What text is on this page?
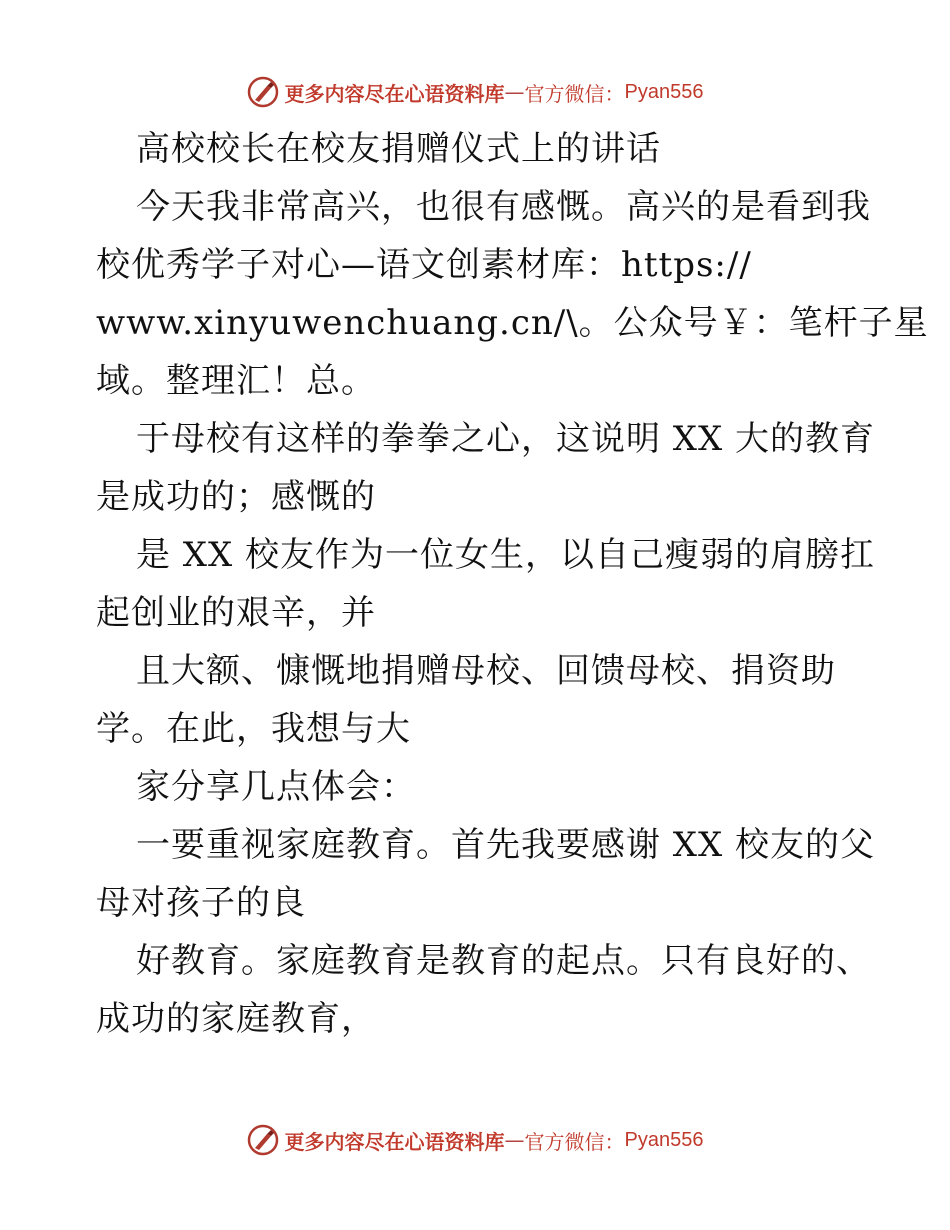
更多内容尽在心语资料库 — 官方微信： Pyan556
高校校长在校友捐赠仪式上的讲话
今天我非常高兴，也很有感慨。高兴的是看到我
校优秀学子对心—语文创素材库：https://
www.xinyuwenchuang.cn/\。公众号￥：笔杆子星
域。整理汇！总。
于母校有这样的拳拳之心，这说明 XX 大的教育
是成功的；感慨的
是 XX 校友作为一位女生，以自己瘦弱的肩膀扛
起创业的艰辛，并
且大额、慷慨地捐赠母校、回馈母校、捐资助
学。在此，我想与大
家分享几点体会：
一要重视家庭教育。首先我要感谢 XX 校友的父
母对孩子的良
好教育。家庭教育是教育的起点。只有良好的、
成功的家庭教育，
更多内容尽在心语资料库 — 官方微信： Pyan556
